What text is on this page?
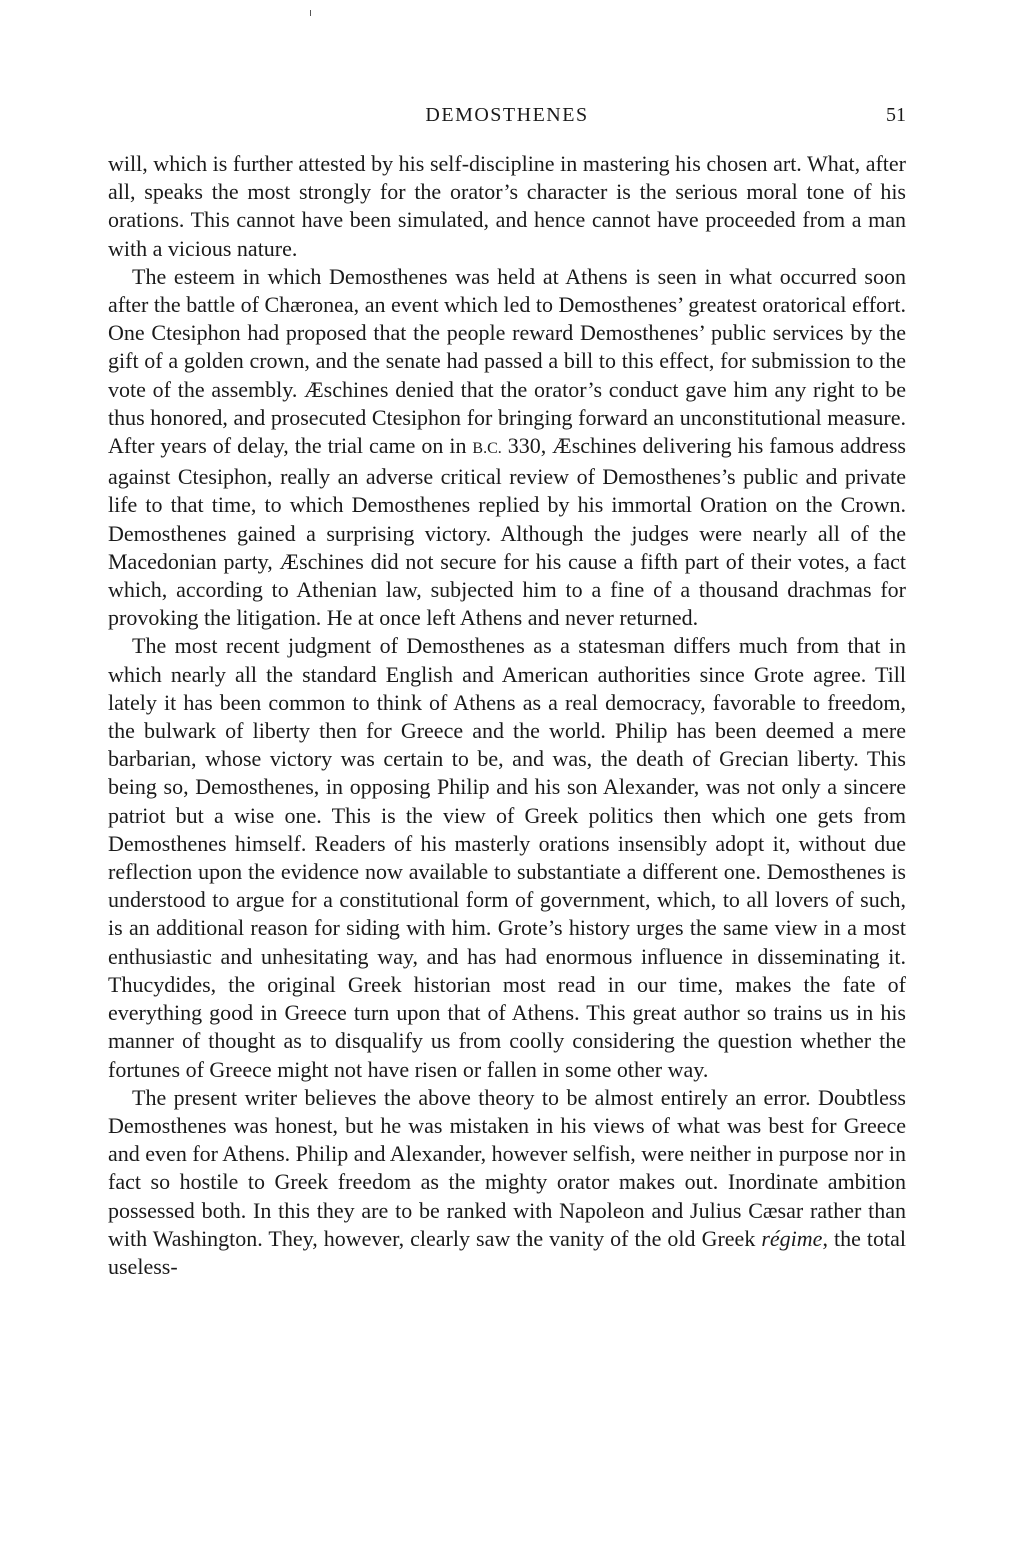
DEMOSTHENES	51

will, which is further attested by his self-discipline in mastering his chosen art. What, after all, speaks the most strongly for the orator’s character is the serious moral tone of his orations. This cannot have been simulated, and hence cannot have proceeded from a man with a vicious nature.

The esteem in which Demosthenes was held at Athens is seen in what occurred soon after the battle of Chæronea, an event which led to Demosthenes’ greatest oratorical effort. One Ctesiphon had proposed that the people reward Demosthenes’ public services by the gift of a golden crown, and the senate had passed a bill to this effect, for submission to the vote of the assembly. Æschines denied that the orator’s conduct gave him any right to be thus honored, and prosecuted Ctesiphon for bringing forward an unconstitutional measure. After years of delay, the trial came on in B.C. 330, Æschines delivering his famous address against Ctesiphon, really an adverse critical review of Demosthenes’s public and private life to that time, to which Demosthenes replied by his immortal Oration on the Crown. Demosthenes gained a surprising victory. Although the judges were nearly all of the Macedonian party, Æschines did not secure for his cause a fifth part of their votes, a fact which, according to Athenian law, subjected him to a fine of a thousand drachmas for provoking the litigation. He at once left Athens and never returned.

The most recent judgment of Demosthenes as a statesman differs much from that in which nearly all the standard English and American authorities since Grote agree. Till lately it has been common to think of Athens as a real democracy, favorable to freedom, the bulwark of liberty then for Greece and the world. Philip has been deemed a mere barbarian, whose victory was certain to be, and was, the death of Grecian liberty. This being so, Demosthenes, in opposing Philip and his son Alexander, was not only a sincere patriot but a wise one. This is the view of Greek politics then which one gets from Demosthenes himself. Readers of his masterly orations insensibly adopt it, without due reflection upon the evidence now available to substantiate a different one. Demosthenes is understood to argue for a constitutional form of government, which, to all lovers of such, is an additional reason for siding with him. Grote’s history urges the same view in a most enthusiastic and unhesitating way, and has had enormous influence in disseminating it. Thucydides, the original Greek historian most read in our time, makes the fate of everything good in Greece turn upon that of Athens. This great author so trains us in his manner of thought as to disqualify us from coolly considering the question whether the fortunes of Greece might not have risen or fallen in some other way.

The present writer believes the above theory to be almost entirely an error. Doubtless Demosthenes was honest, but he was mistaken in his views of what was best for Greece and even for Athens. Philip and Alexander, however selfish, were neither in purpose nor in fact so hostile to Greek freedom as the mighty orator makes out. Inordinate ambition possessed both. In this they are to be ranked with Napoleon and Julius Cæsar rather than with Washington. They, however, clearly saw the vanity of the old Greek régime, the total useless-
